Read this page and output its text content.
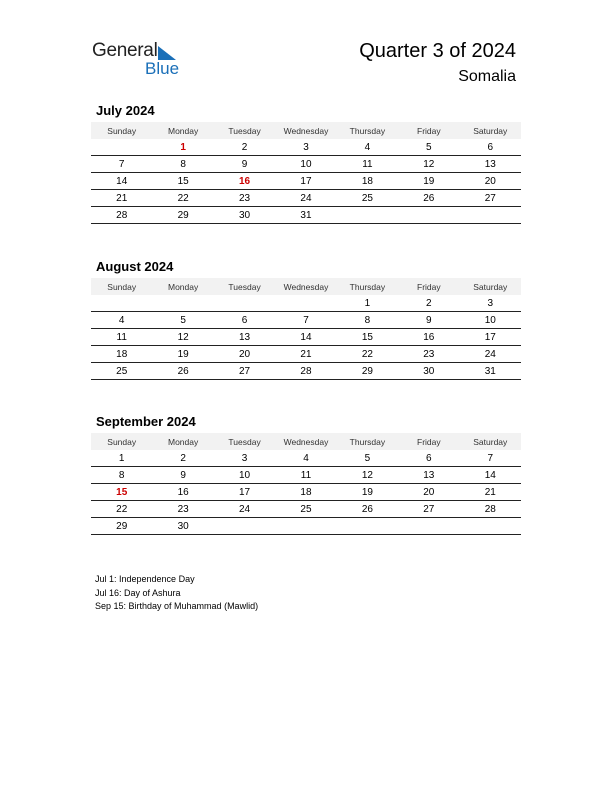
General
Blue
Quarter 3 of 2024
Somalia
July 2024
Sunday	Monday	Tuesday	Wednesday	Thursday	Friday	Saturday
	1	2	3	4	5	6
7	8	9	10	11	12	13
14	15	16	17	18	19	20
21	22	23	24	25	26	27
28	29	30	31			
August 2024
Sunday	Monday	Tuesday	Wednesday	Thursday	Friday	Saturday
				1	2	3
4	5	6	7	8	9	10
11	12	13	14	15	16	17
18	19	20	21	22	23	24
25	26	27	28	29	30	31
September 2024
Sunday	Monday	Tuesday	Wednesday	Thursday	Friday	Saturday
1	2	3	4	5	6	7
8	9	10	11	12	13	14
15	16	17	18	19	20	21
22	23	24	25	26	27	28
29	30					
Jul 1: Independence Day
Jul 16: Day of Ashura
Sep 15: Birthday of Muhammad (Mawlid)
